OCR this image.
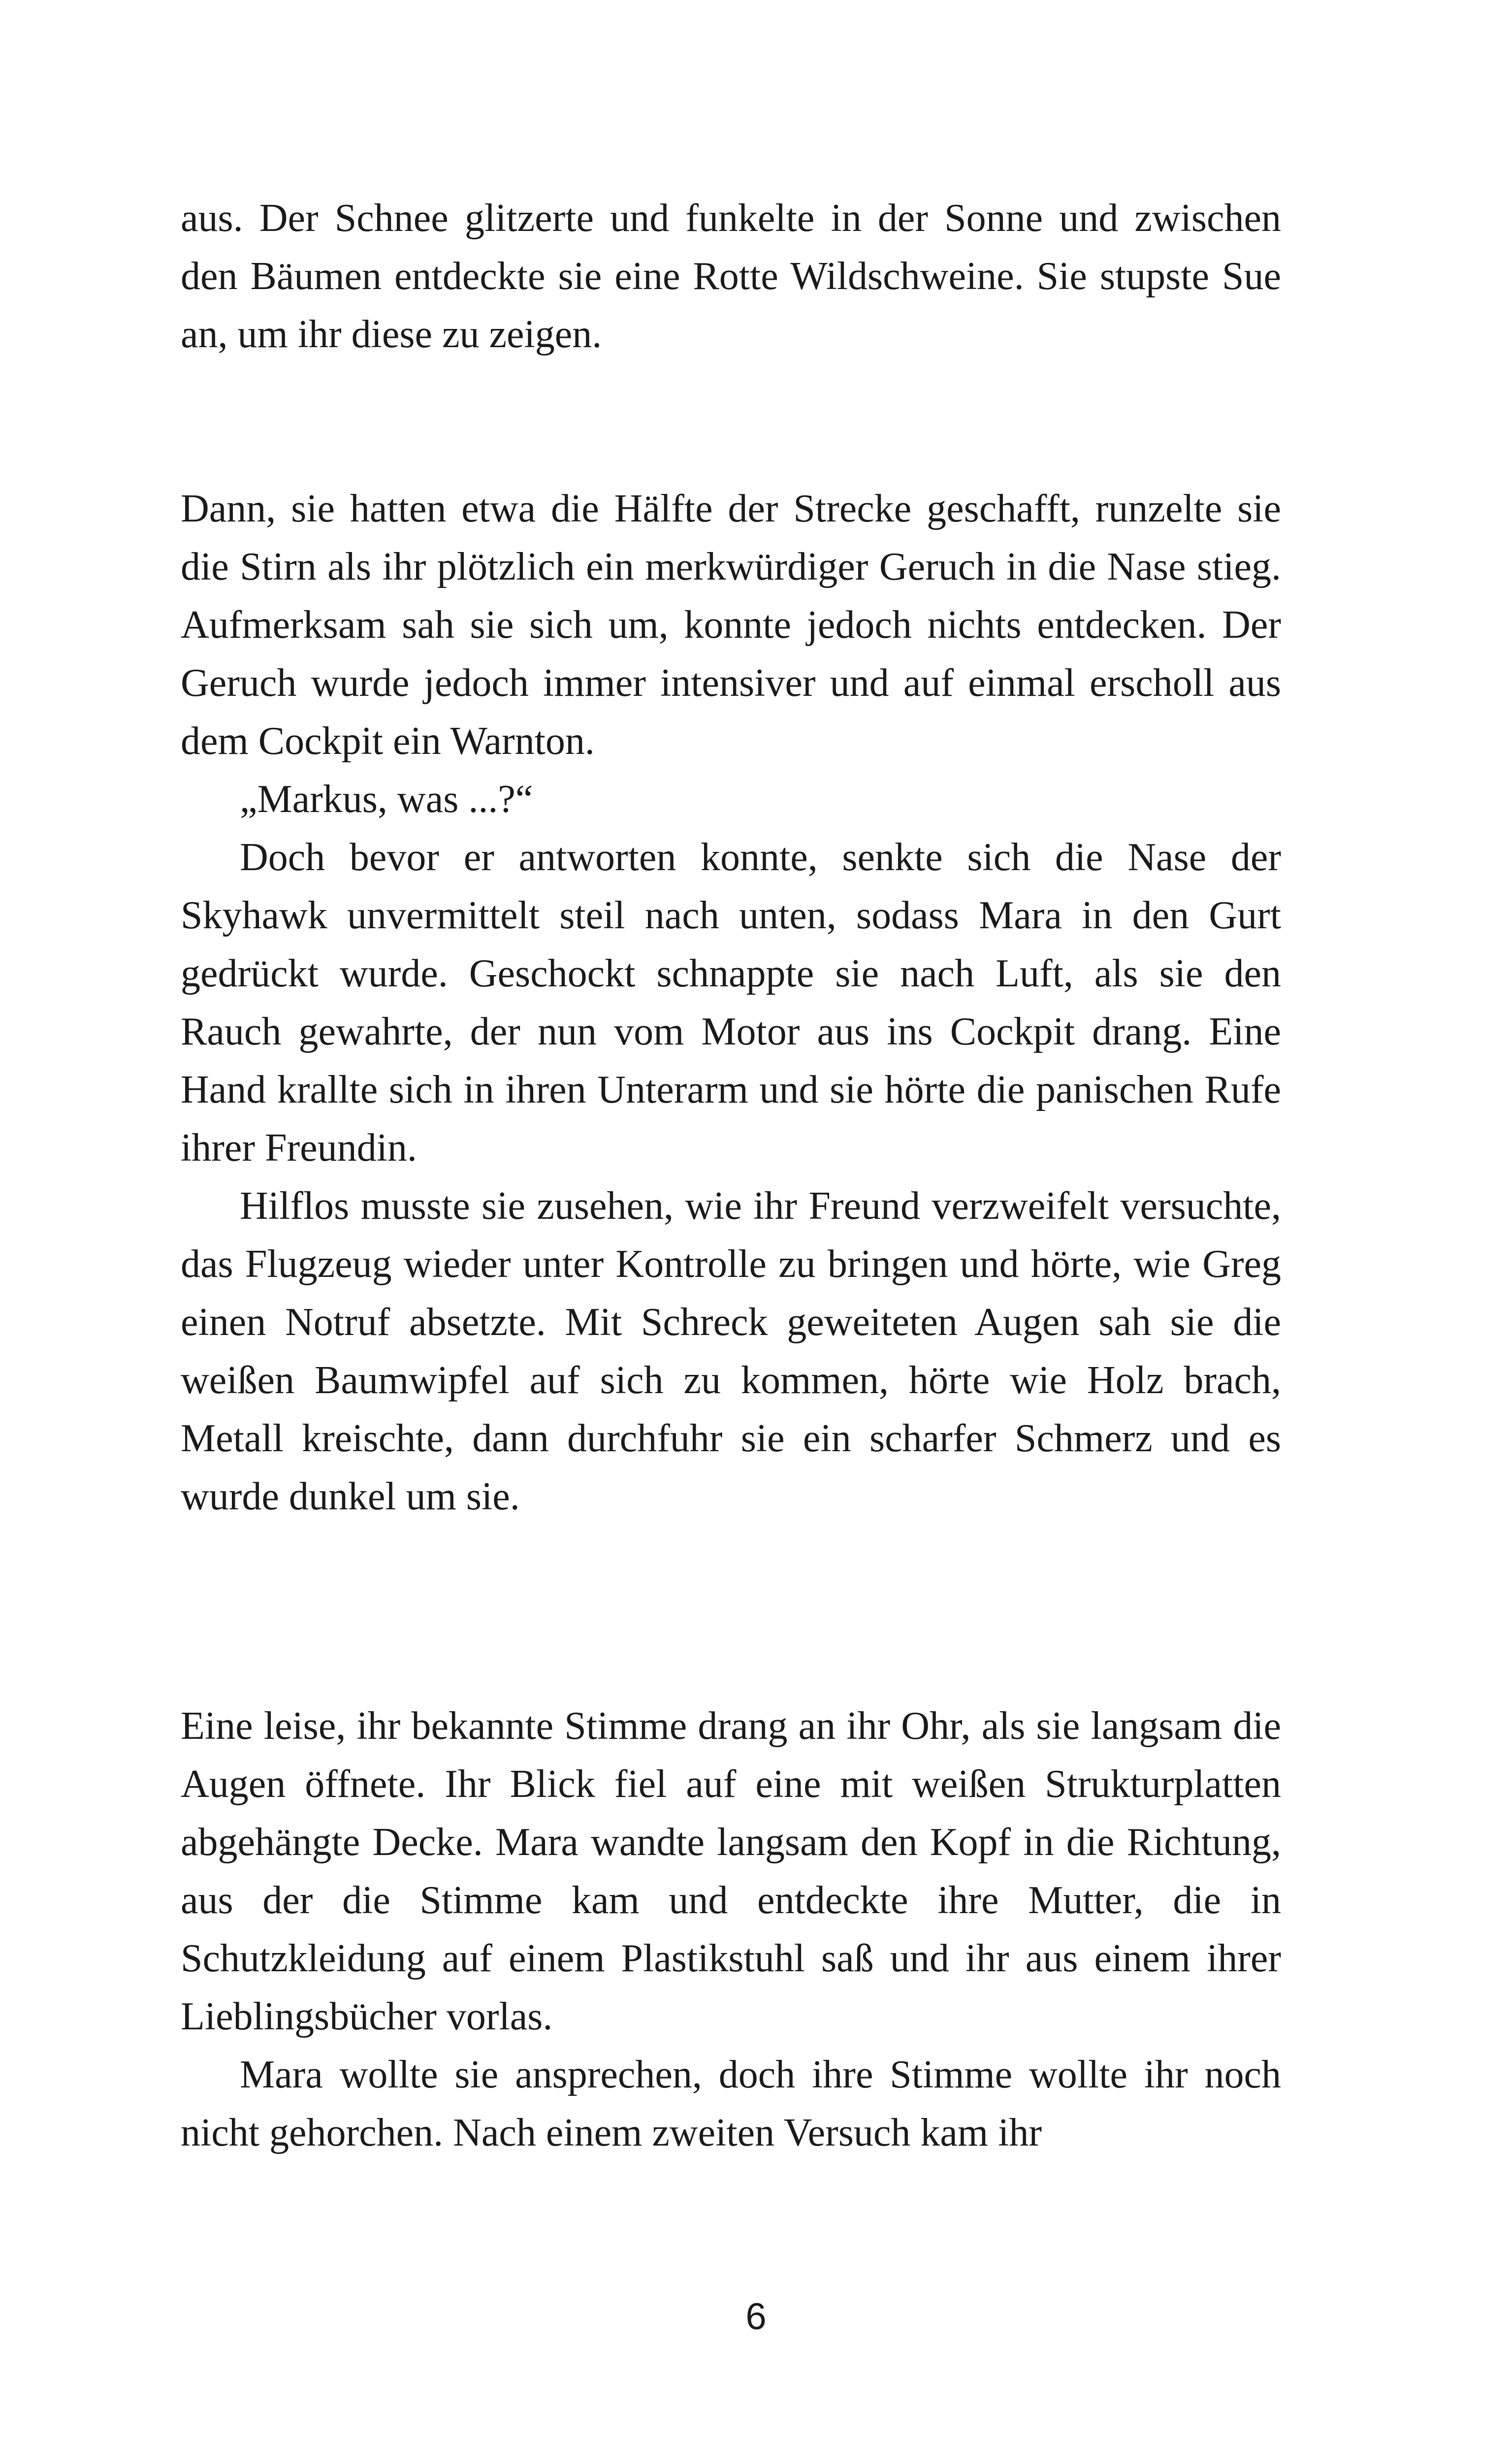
aus. Der Schnee glitzerte und funkelte in der Sonne und zwischen den Bäumen entdeckte sie eine Rotte Wildschweine. Sie stupste Sue an, um ihr diese zu zeigen.

Dann, sie hatten etwa die Hälfte der Strecke geschafft, runzelte sie die Stirn als ihr plötzlich ein merkwürdiger Geruch in die Nase stieg. Aufmerksam sah sie sich um, konnte jedoch nichts entdecken. Der Geruch wurde jedoch immer intensiver und auf einmal erscholl aus dem Cockpit ein Warnton.

„Markus, was ...?“

Doch bevor er antworten konnte, senkte sich die Nase der Skyhawk unvermittelt steil nach unten, sodass Mara in den Gurt gedrückt wurde. Geschockt schnappte sie nach Luft, als sie den Rauch gewahrte, der nun vom Motor aus ins Cockpit drang. Eine Hand krallte sich in ihren Unterarm und sie hörte die panischen Rufe ihrer Freundin.

Hilflos musste sie zusehen, wie ihr Freund verzweifelt versuchte, das Flugzeug wieder unter Kontrolle zu bringen und hörte, wie Greg einen Notruf absetzte. Mit Schreck geweiteten Augen sah sie die weißen Baumwipfel auf sich zu kommen, hörte wie Holz brach, Metall kreischte, dann durchfuhr sie ein scharfer Schmerz und es wurde dunkel um sie.

Eine leise, ihr bekannte Stimme drang an ihr Ohr, als sie langsam die Augen öffnete. Ihr Blick fiel auf eine mit weißen Strukturplatten abgehängte Decke. Mara wandte langsam den Kopf in die Richtung, aus der die Stimme kam und entdeckte ihre Mutter, die in Schutzkleidung auf einem Plastikstuhl saß und ihr aus einem ihrer Lieblingsbücher vorlas.

Mara wollte sie ansprechen, doch ihre Stimme wollte ihr noch nicht gehorchen. Nach einem zweiten Versuch kam ihr

6
